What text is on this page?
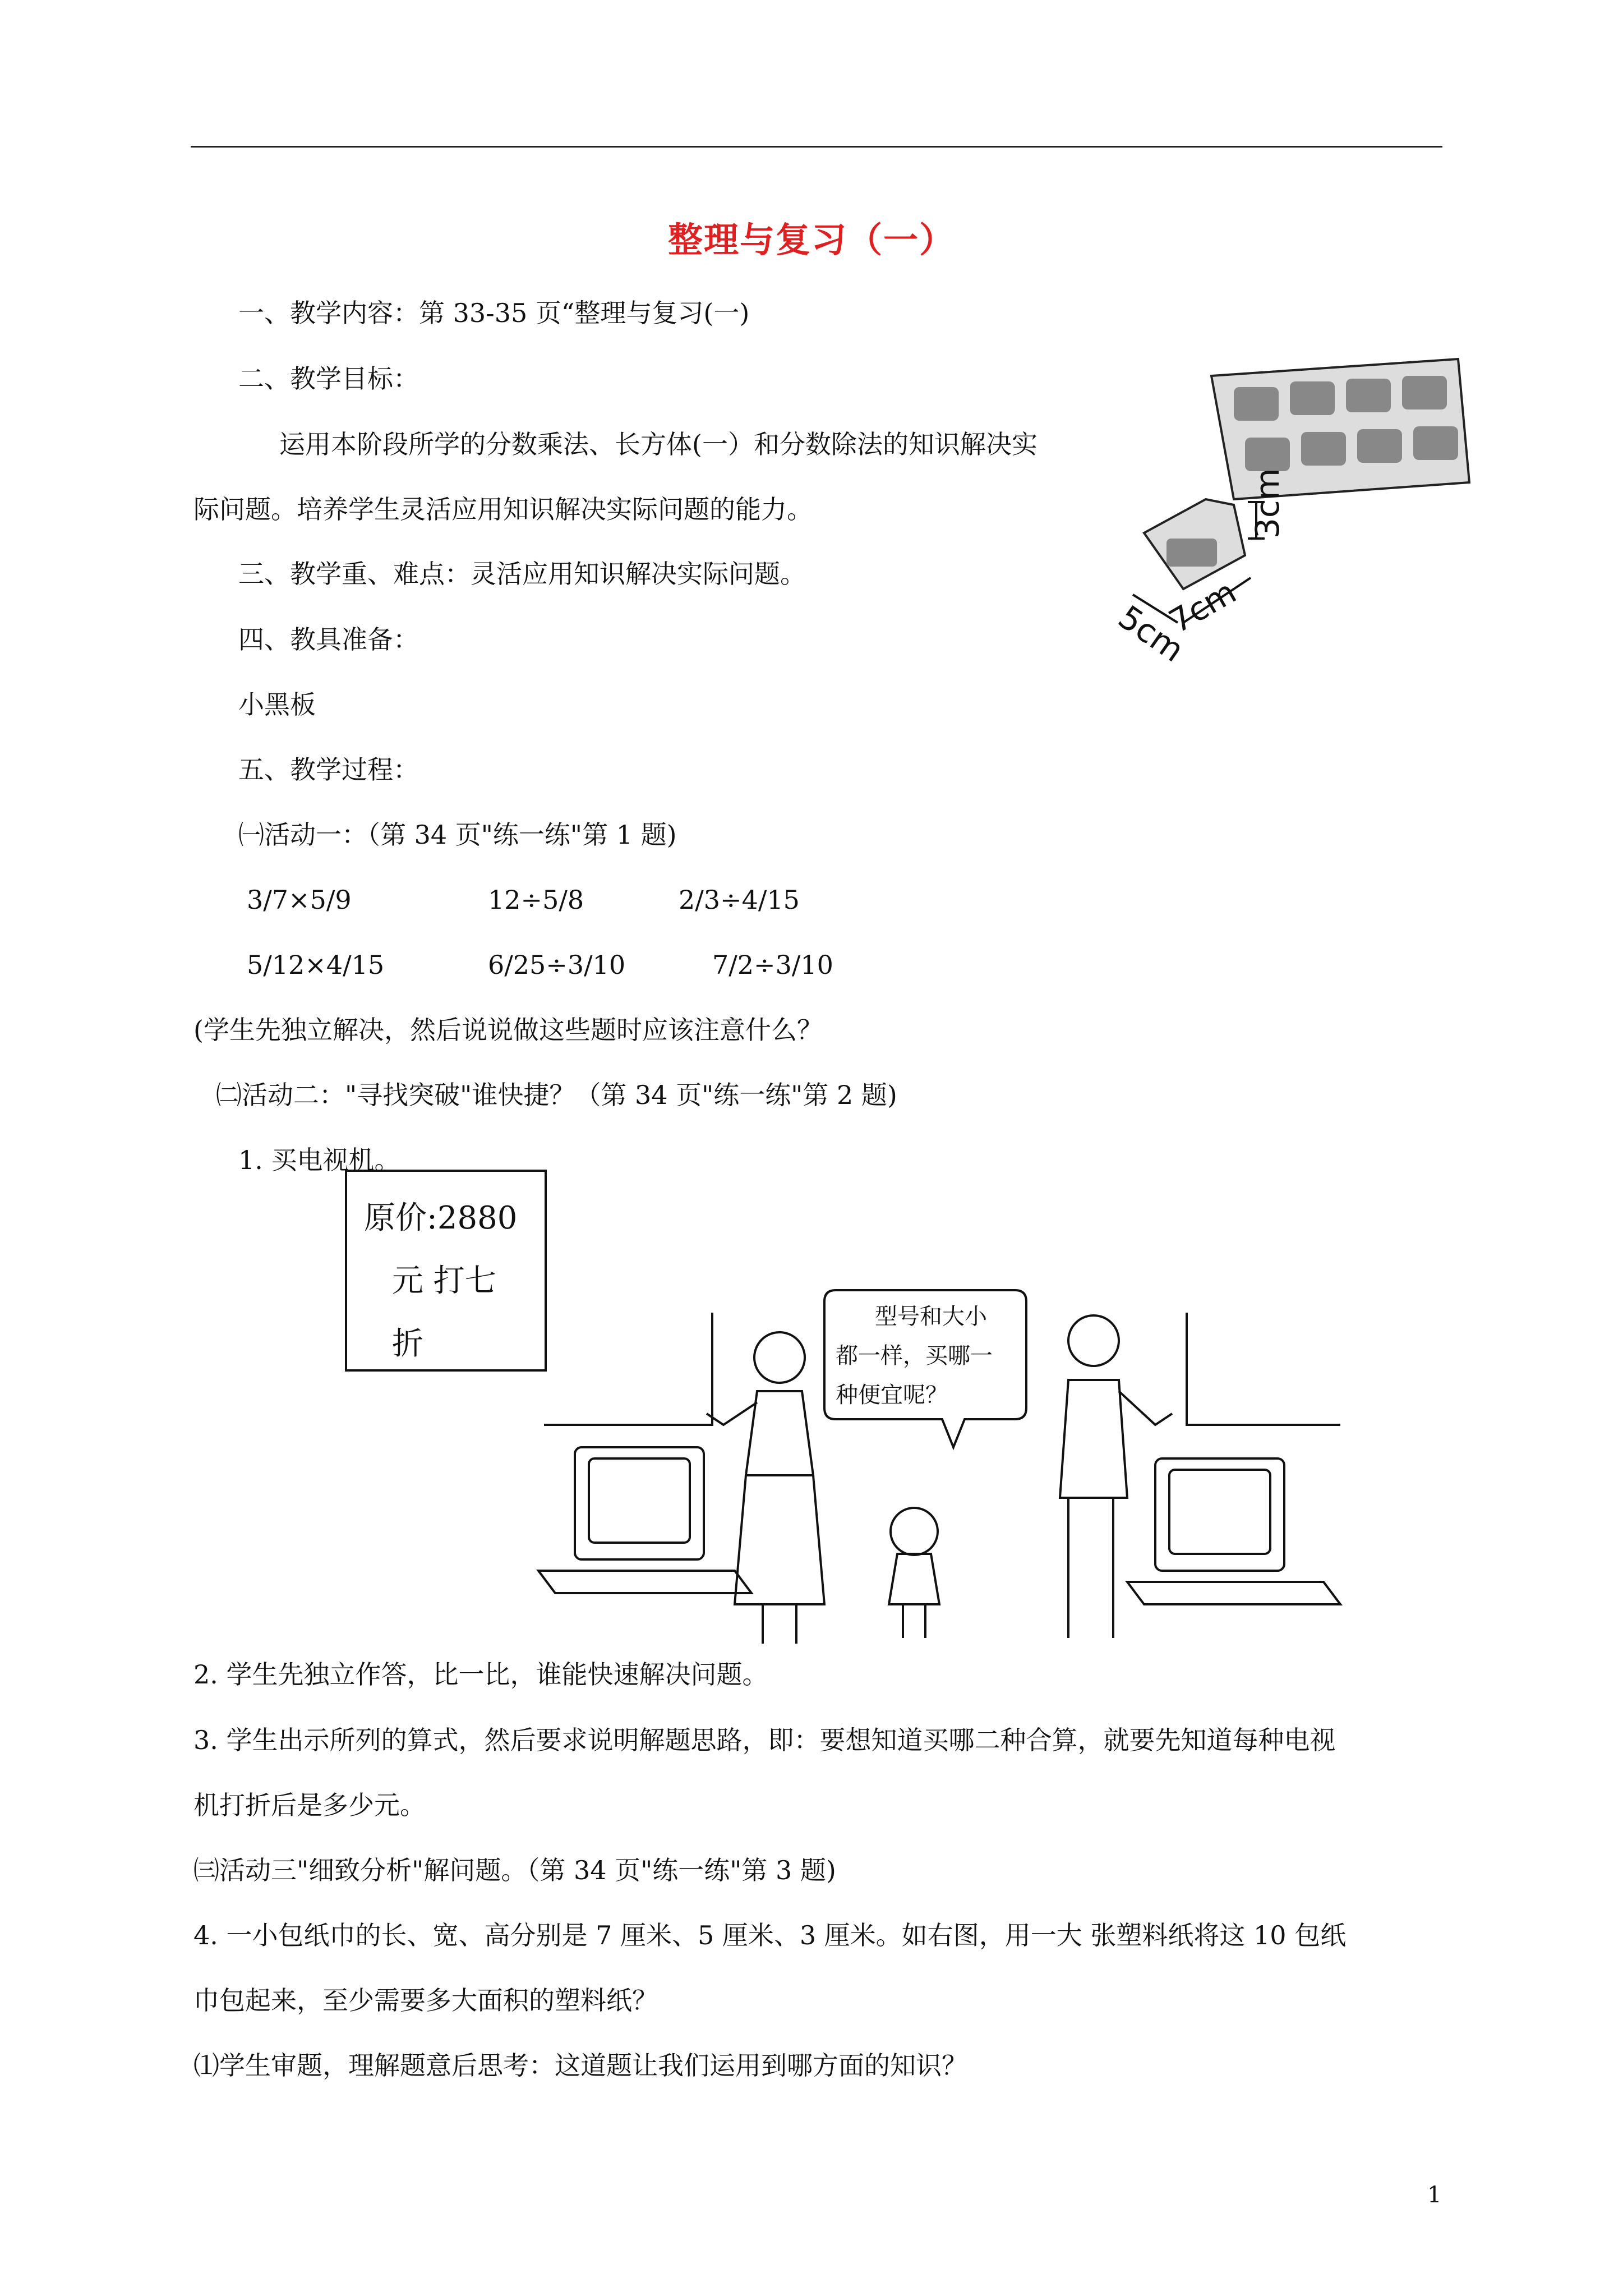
整理与复习（一）
一、教学内容：第 33-35 页“整理与复习(一)
二、教学目标：
运用本阶段所学的分数乘法、长方体(一）和分数除法的知识解决实
际问题。培养学生灵活应用知识解决实际问题的能力。
三、教学重、难点：灵活应用知识解决实际问题。
四、教具准备：
小黑板
五、教学过程：
㈠活动一：（第 34 页"练一练"第 1 题)
3/7×5/9	12÷5/8	2/3÷4/15
5/12×4/15	6/25÷3/10	7/2÷3/10
(学生先独立解决，然后说说做这些题时应该注意什么？
㈡活动二："寻找突破"谁快捷？（第 34 页"练一练"第 2 题)
1. 买电视机。
原价:2880
元 打七
折
型号和大小
都一样，买哪一
种便宜呢？
3cm
7cm
5cm
2. 学生先独立作答，比一比，谁能快速解决问题。
3. 学生出示所列的算式，然后要求说明解题思路，即：要想知道买哪二种合算，就要先知道每种电视
机打折后是多少元。
㈢活动三"细致分析"解问题。（第 34 页"练一练"第 3 题)
4. 一小包纸巾的长、宽、高分别是 7 厘米、5 厘米、3 厘米。如右图，用一大 张塑料纸将这 10 包纸
巾包起来，至少需要多大面积的塑料纸？
⑴学生审题，理解题意后思考：这道题让我们运用到哪方面的知识？
1
